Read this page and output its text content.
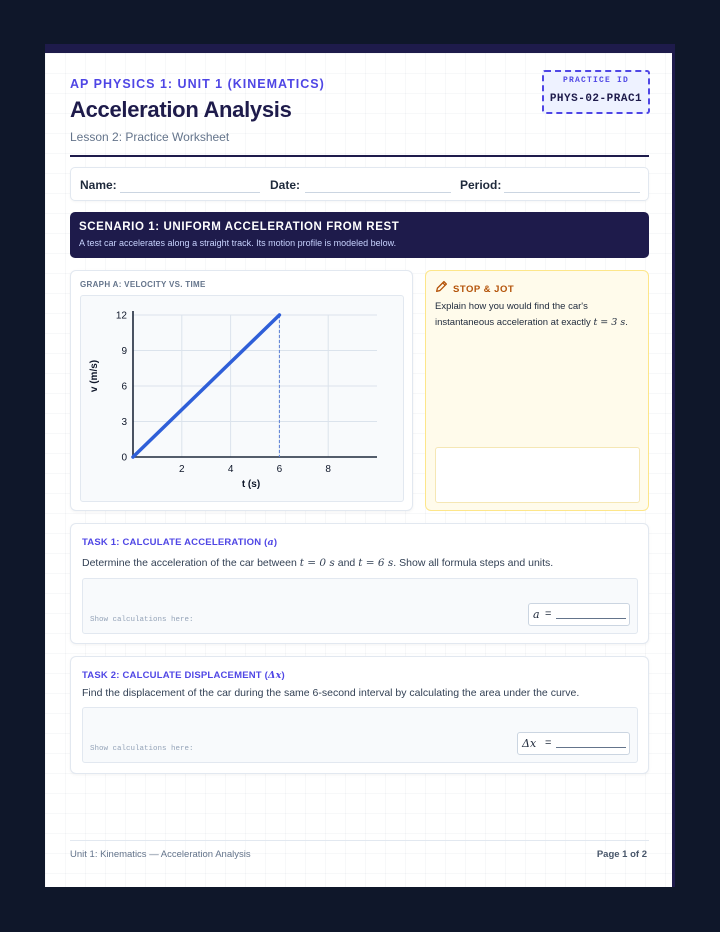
AP PHYSICS 1: UNIT 1 (KINEMATICS)
Acceleration Analysis
Lesson 2: Practice Worksheet
PRACTICE ID
PHYS-02-PRAC1
Name:	Date:	Period:
SCENARIO 1: UNIFORM ACCELERATION FROM REST
A test car accelerates along a straight track. Its motion profile is modeled below.
GRAPH A: VELOCITY VS. TIME
2	4	6	8
0
3
6
9
12
t (s)
v (m/s)
STOP & JOT
Explain how you would find the car's instantaneous acceleration at exactly t = 3 s.
TASK 1: CALCULATE ACCELERATION (a)
Determine the acceleration of the car between t = 0 s and t = 6 s. Show all formula steps and units.
Show calculations here:	a =
TASK 2: CALCULATE DISPLACEMENT (Δx)
Find the displacement of the car during the same 6-second interval by calculating the area under the curve.
Show calculations here:	Δx =
Unit 1: Kinematics — Acceleration Analysis	Page 1 of 2
